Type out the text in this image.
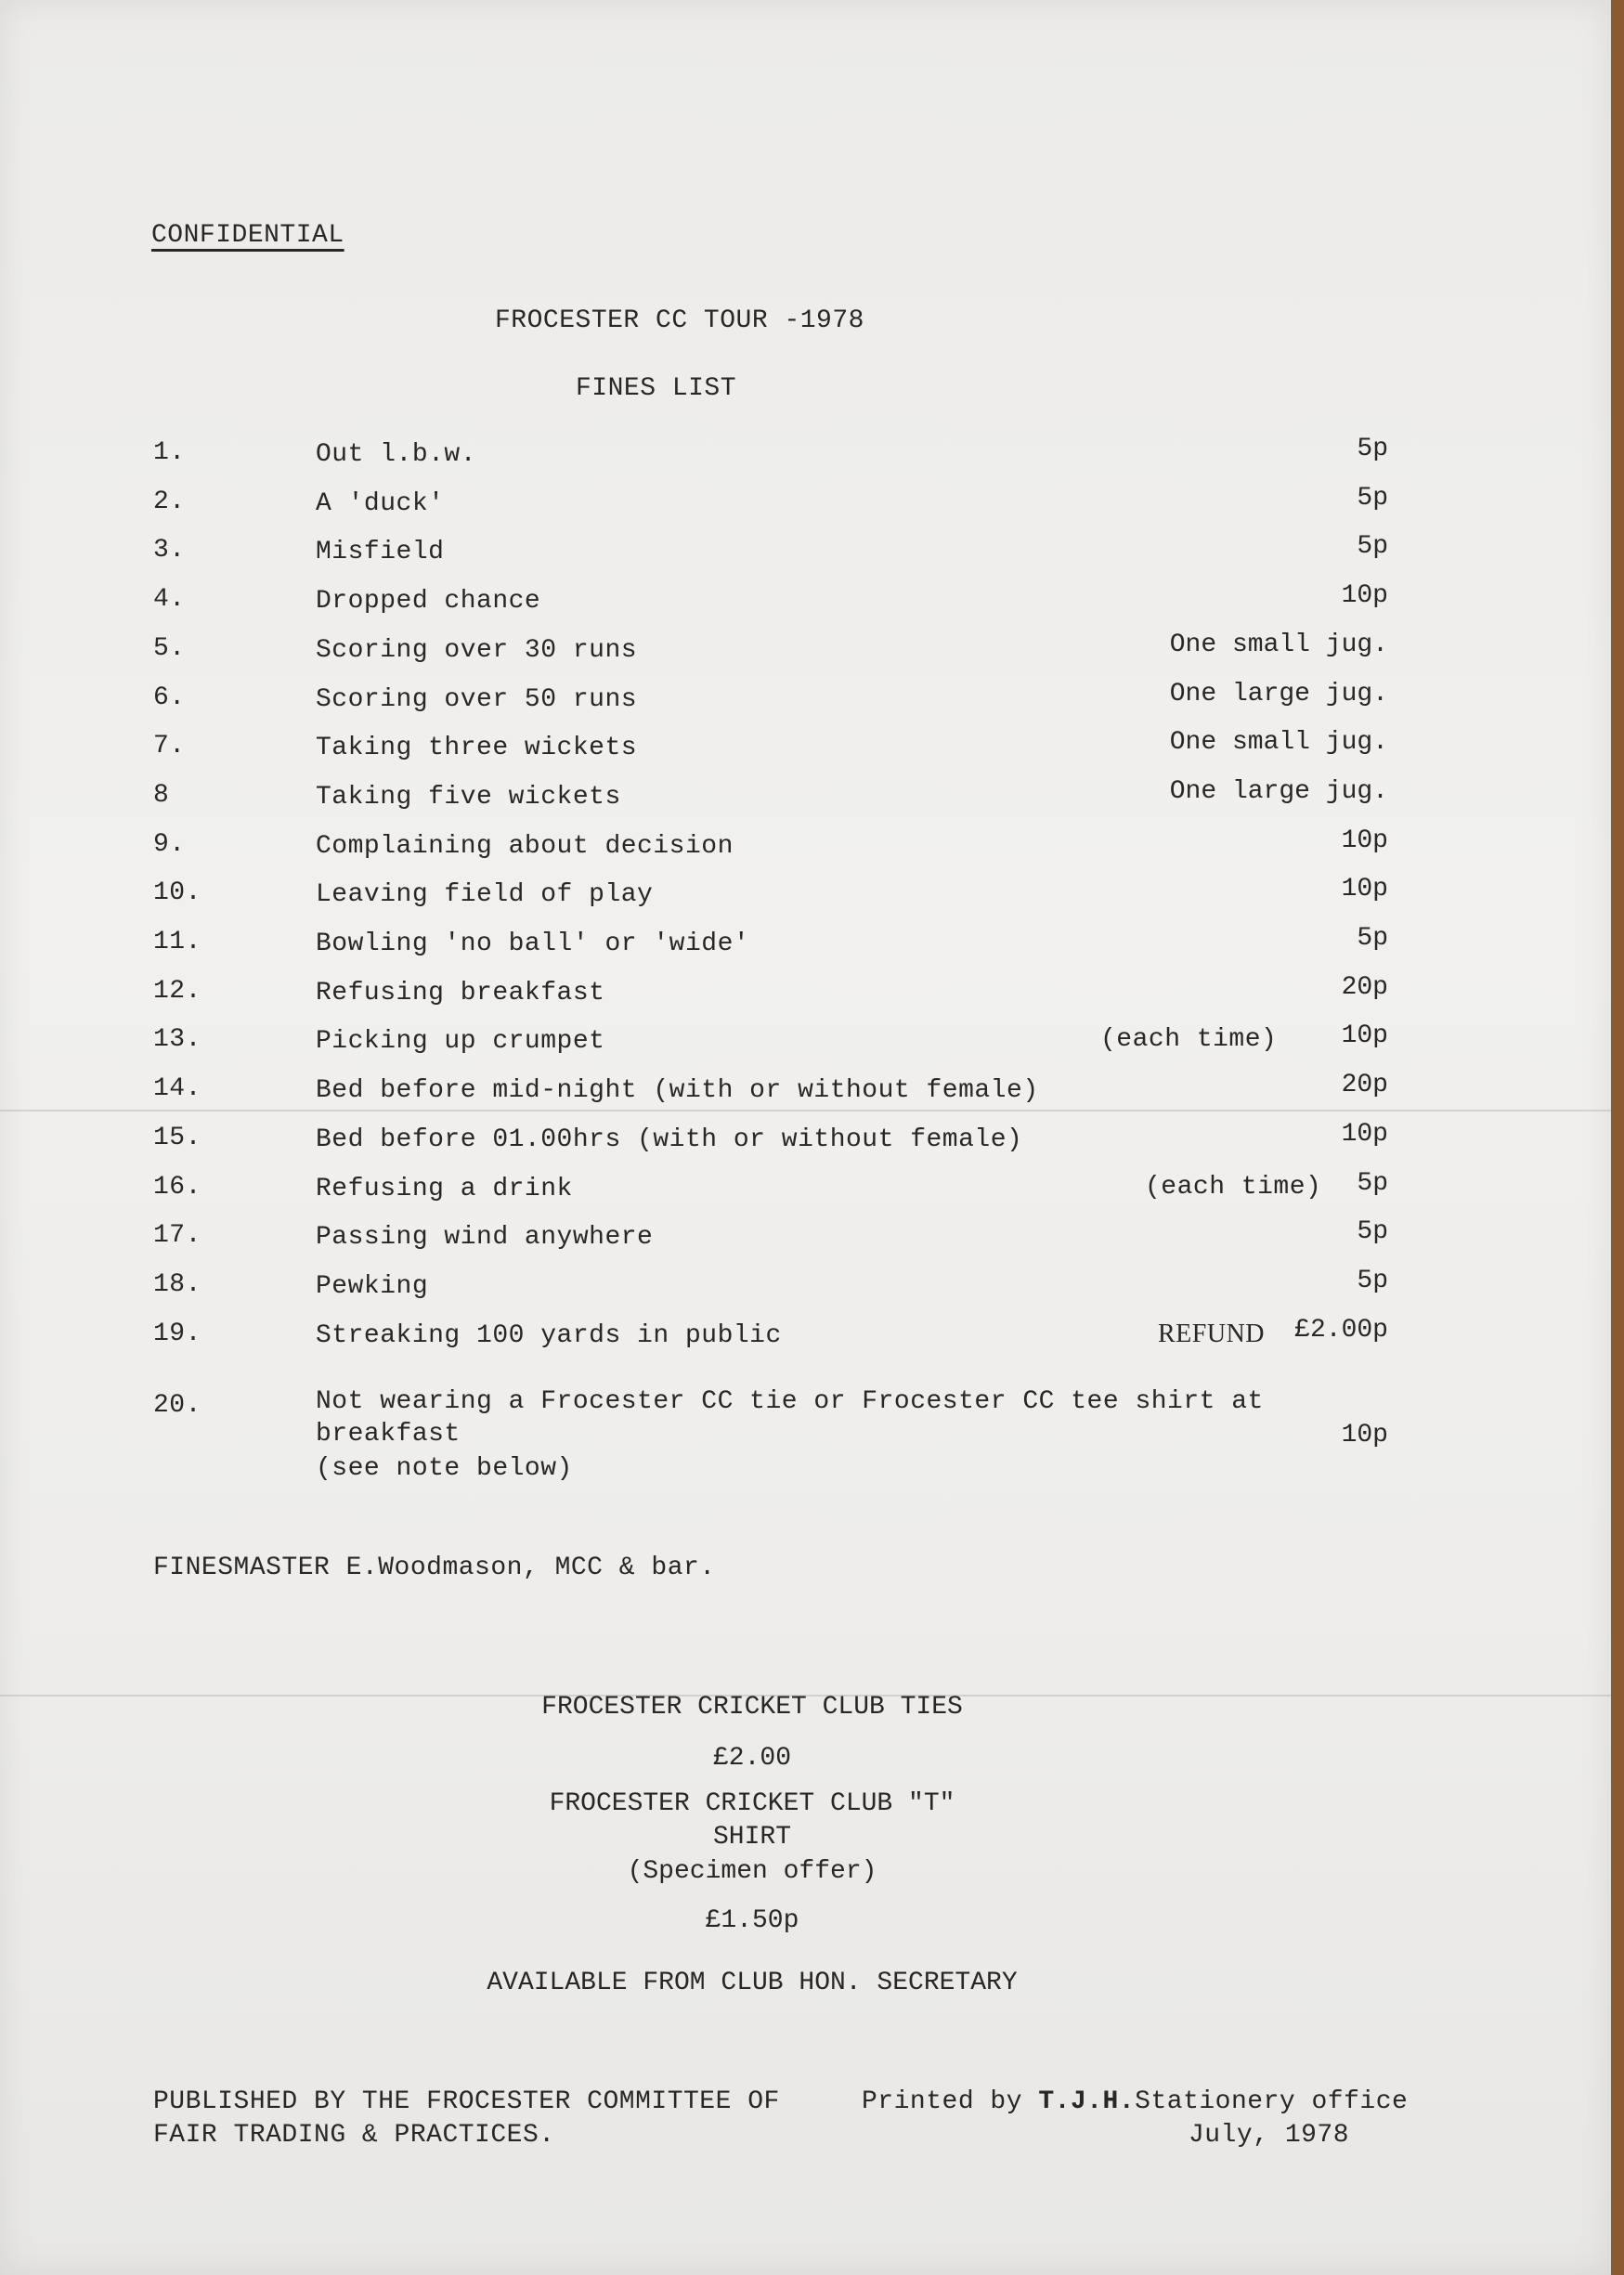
CONFIDENTIAL
FROCESTER CC TOUR -1978
FINES LIST
1.	Out l.b.w.	5p
2.	A 'duck'	5p
3.	Misfield	5p
4.	Dropped chance	10p
5.	Scoring over 30 runs	One small jug.
6.	Scoring over 50 runs	One large jug.
7.	Taking three wickets	One small jug.
8	Taking five wickets	One large jug.
9.	Complaining about decision	10p
10.	Leaving field of play	10p
11.	Bowling 'no ball' or 'wide'	5p
12.	Refusing breakfast	20p
13.	Picking up crumpet	(each time) 10p
14.	Bed before mid-night (with or without female)	20p
15.	Bed before 01.00hrs (with or without female)	10p
16.	Refusing a drink	(each time) 5p
17.	Passing wind anywhere	5p
18.	Pewking	5p
19.	Streaking 100 yards in public	REFUND £2.00p
20.	Not wearing a Frocester CC tie or Frocester CC tee shirt at
breakfast
(see note below)
10p
FINESMASTER E.Woodmason, MCC & bar.
FROCESTER CRICKET CLUB TIES
£2.00
FROCESTER CRICKET CLUB "T"
SHIRT
(Specimen offer)
£1.50p
AVAILABLE FROM CLUB HON. SECRETARY
PUBLISHED BY THE FROCESTER COMMITTEE OF
FAIR TRADING & PRACTICES.
Printed by T.J.H.Stationery office
July, 1978
